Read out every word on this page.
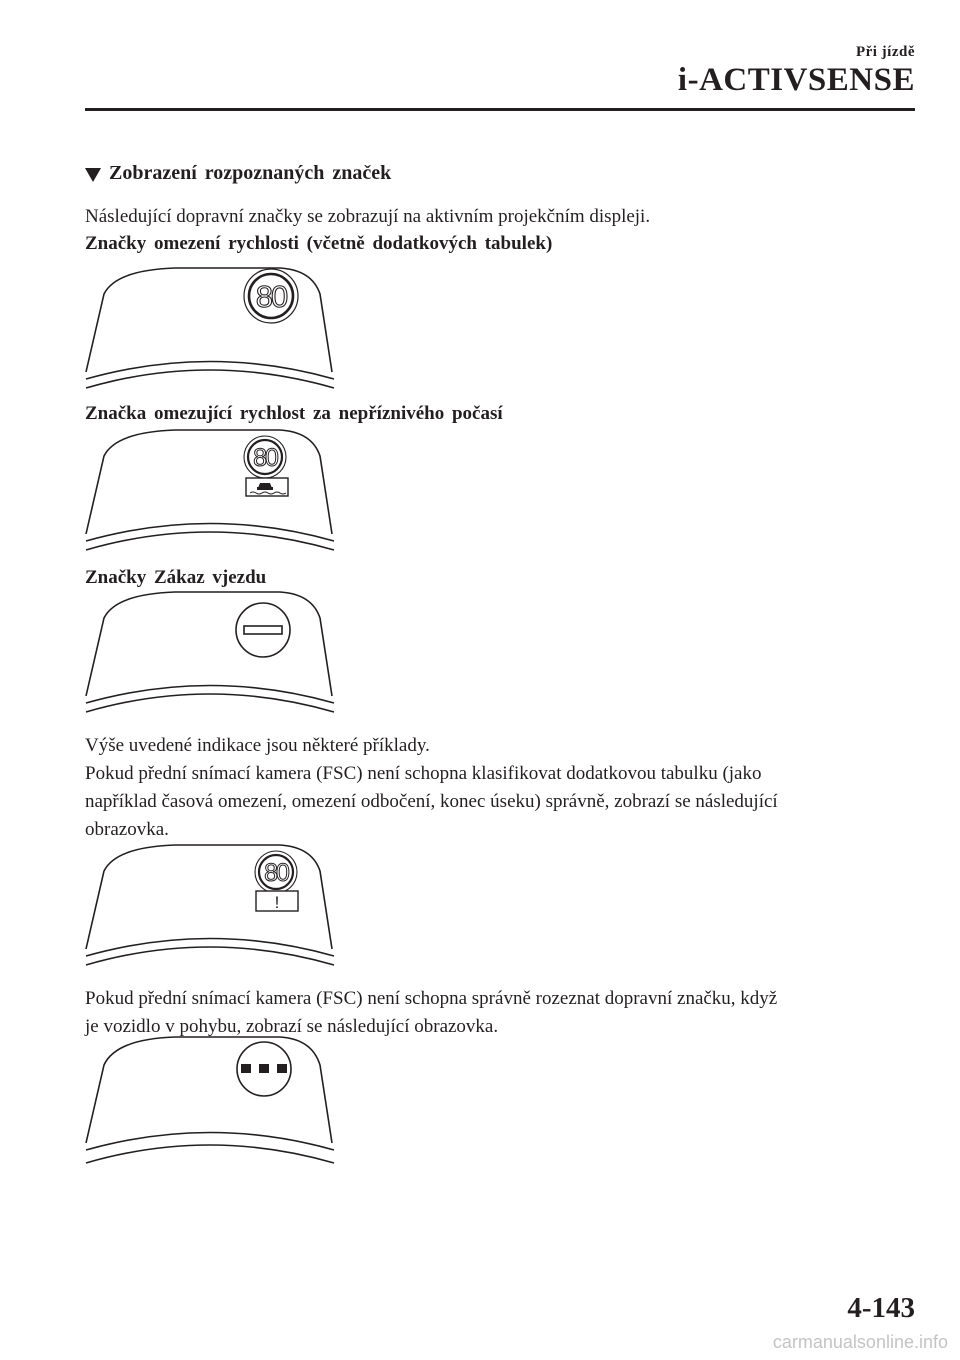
Při jízdě
i-ACTIVSENSE
Zobrazení rozpoznaných značek
Následující dopravní značky se zobrazují na aktivním projekčním displeji.
Značky omezení rychlosti (včetně dodatkových tabulek)
80
Značka omezující rychlost za nepříznivého počasí
80
Značky Zákaz vjezdu
Výše uvedené indikace jsou některé příklady.
Pokud přední snímací kamera (FSC) není schopna klasifikovat dodatkovou tabulku (jako
například časová omezení, omezení odbočení, konec úseku) správně, zobrazí se následující
obrazovka.
80
!
Pokud přední snímací kamera (FSC) není schopna správně rozeznat dopravní značku, když
je vozidlo v pohybu, zobrazí se následující obrazovka.
4-143
carmanualsonline.info
